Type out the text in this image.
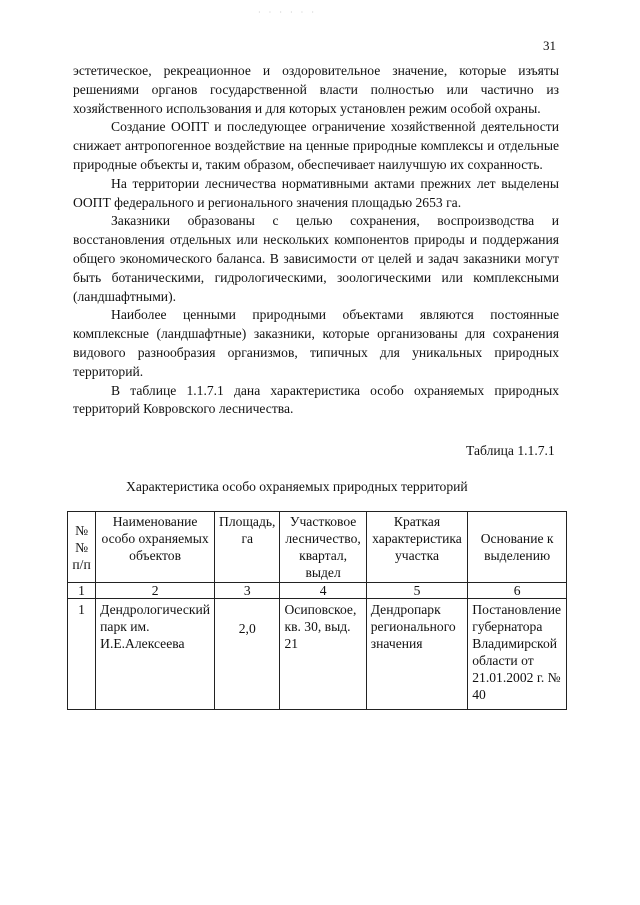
· · · · · ·
31

эстетическое, рекреационное и оздоровительное значение, которые изъяты решениями органов государственной власти полностью или частично из хозяйственного использования и для которых установлен режим особой охраны.

Создание ООПТ и последующее ограничение хозяйственной деятельности снижает антропогенное воздействие на ценные природные комплексы и отдельные природные объекты и, таким образом, обеспечивает наилучшую их сохранность.

На территории лесничества нормативными актами прежних лет выделены ООПТ федерального и регионального значения площадью 2653 га.

Заказники образованы с целью сохранения, воспроизводства и восстановления отдельных или нескольких компонентов природы и поддержания общего экономического баланса. В зависимости от целей и задач заказники могут быть ботаническими, гидрологическими, зоологическими или комплексными (ландшафтными).

Наиболее ценными природными объектами являются постоянные комплексные (ландшафтные) заказники, которые организованы для сохранения видового разнообразия организмов, типичных для уникальных природных территорий.

В таблице 1.1.7.1 дана характеристика особо охраняемых природных территорий Ковровского лесничества.

Таблица 1.1.7.1
Характеристика особо охраняемых природных территорий
№№ п/п	Наименование особо охраняемых объектов	Площадь, га	Участковое лесничество, квартал, выдел	Краткая характеристика участка	Основание к выделению
1	2	3	4	5	6
1	Дендрологический парк им. И.Е.Алексеева	2,0	Осиповское, кв. 30, выд. 21	Дендропарк регионального значения	Постановление губернатора Владимирской области от 21.01.2002 г. № 40
